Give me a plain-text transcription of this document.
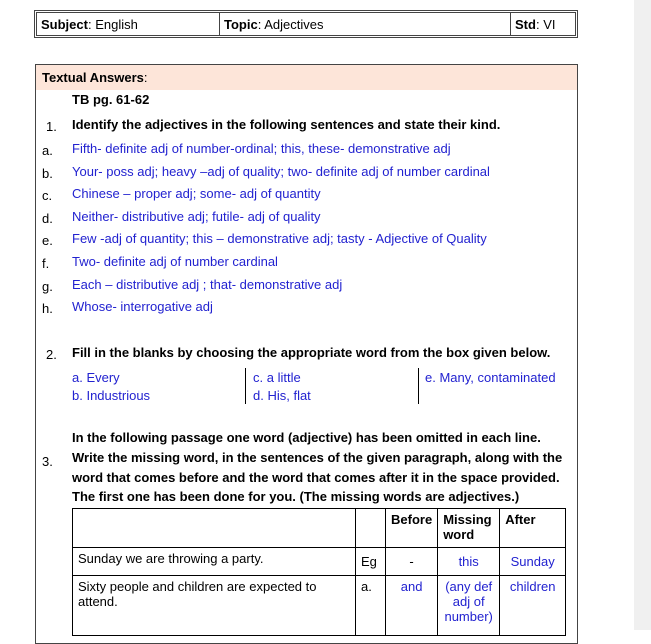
Subject: English	Topic: Adjectives	Std: VI
Textual Answers:
TB pg. 61-62
1. Identify the adjectives in the following sentences and state their kind.
a. Fifth- definite adj of number-ordinal; this, these- demonstrative adj
b. Your- poss adj; heavy –adj of quality; two- definite adj of number cardinal
c. Chinese – proper adj; some- adj of quantity
d. Neither- distributive adj; futile- adj of quality
e. Few -adj of quantity; this – demonstrative adj; tasty - Adjective of Quality
f. Two- definite adj of number cardinal
g. Each – distributive adj ; that- demonstrative adj
h. Whose- interrogative adj
2. Fill in the blanks by choosing the appropriate word from the box given below.
a. Every
b. Industrious
c. a little
d. His, flat
e. Many, contaminated
3.
In the following passage one word (adjective) has been omitted in each line.
Write the missing word, in the sentences of the given paragraph, along with the
word that comes before and the word that comes after it in the space provided.
The first one has been done for you. (The missing words are adjectives.)
		Before	Missing word	After
Sunday we are throwing a party.	Eg	-	this	Sunday
Sixty people and children are expected to attend.	a.	and	(any def adj of number)	children
